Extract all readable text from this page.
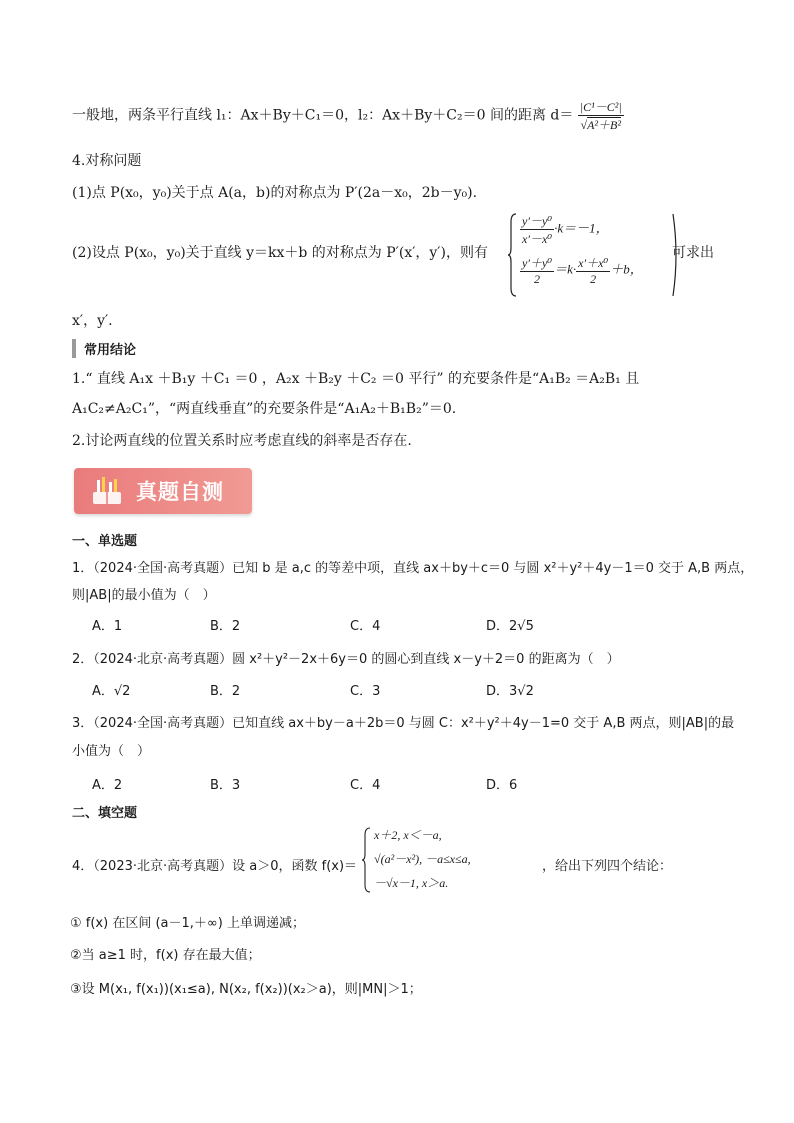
一般地，两条平行直线 l₁：Ax＋By＋C₁＝0，l₂：Ax＋By＋C₂＝0 间的距离 $d= \frac{\text{|C¹－C²|}}{\text{√A²＋B²}}$
4.对称问题
(1)点 P(x₀，y₀)关于点 A(a，b)的对称点为 P′(2a－x₀，2b－y₀).
(2)设点 P(x₀，y₀)关于直线 y＝kx＋b 的对称点为 P′(x′，y′)，则有
$\frac{\text{y′－y⁰}}{\text{x′－x⁰}} \cdot k=-1$，
$\frac{\text{y′＋y⁰}}{2} =k\cdot \frac{\text{x′＋x⁰}}{2} +b$，
可求出
x′，y′.
常用结论
1.“ 直线 A₁x ＋B₁y ＋C₁ ＝0 ，A₂x ＋B₂y ＋C₂ ＝0 平行” 的充要条件是“A₁B₂ ＝A₂B₁ 且
A₁C₂≠A₂C₁”，“两直线垂直”的充要条件是“A₁A₂＋B₁B₂”＝0.
2.讨论两直线的位置关系时应考虑直线的斜率是否存在.
真题自测
一、单选题
1．（2024·全国·高考真题）已知 b 是 a,c 的等差中项，直线 ax＋by＋c＝0 与圆 x²＋y²＋4y－1＝0 交于 A,B 两点，
则|AB|的最小值为（　）
A．1	B．2	C．4	D．2√5
2．（2024·北京·高考真题）圆 x²＋y²－2x＋6y＝0 的圆心到直线 x－y＋2＝0 的距离为（　）
A．√2	B．2	C．3	D．3√2
3．（2024·全国·高考真题）已知直线 ax＋by－a＋2b＝0 与圆 C：x²＋y²＋4y－1=0 交于 A,B 两点，则|AB|的最
小值为（　）
A．2	B．3	C．4	D．6
二、填空题
4．（2023·北京·高考真题）设 a＞0，函数 f(x)＝
x＋2, x＜－a,
√(a²－x²), －a≤x≤a,
－√x－1, x＞a.
，给出下列四个结论：
① f(x) 在区间 (a－1,＋∞) 上单调递减；
②当 a≥1 时，f(x) 存在最大值；
③设 M(x₁, f(x₁))(x₁≤a), N(x₂, f(x₂))(x₂＞a)，则|MN|＞1；
